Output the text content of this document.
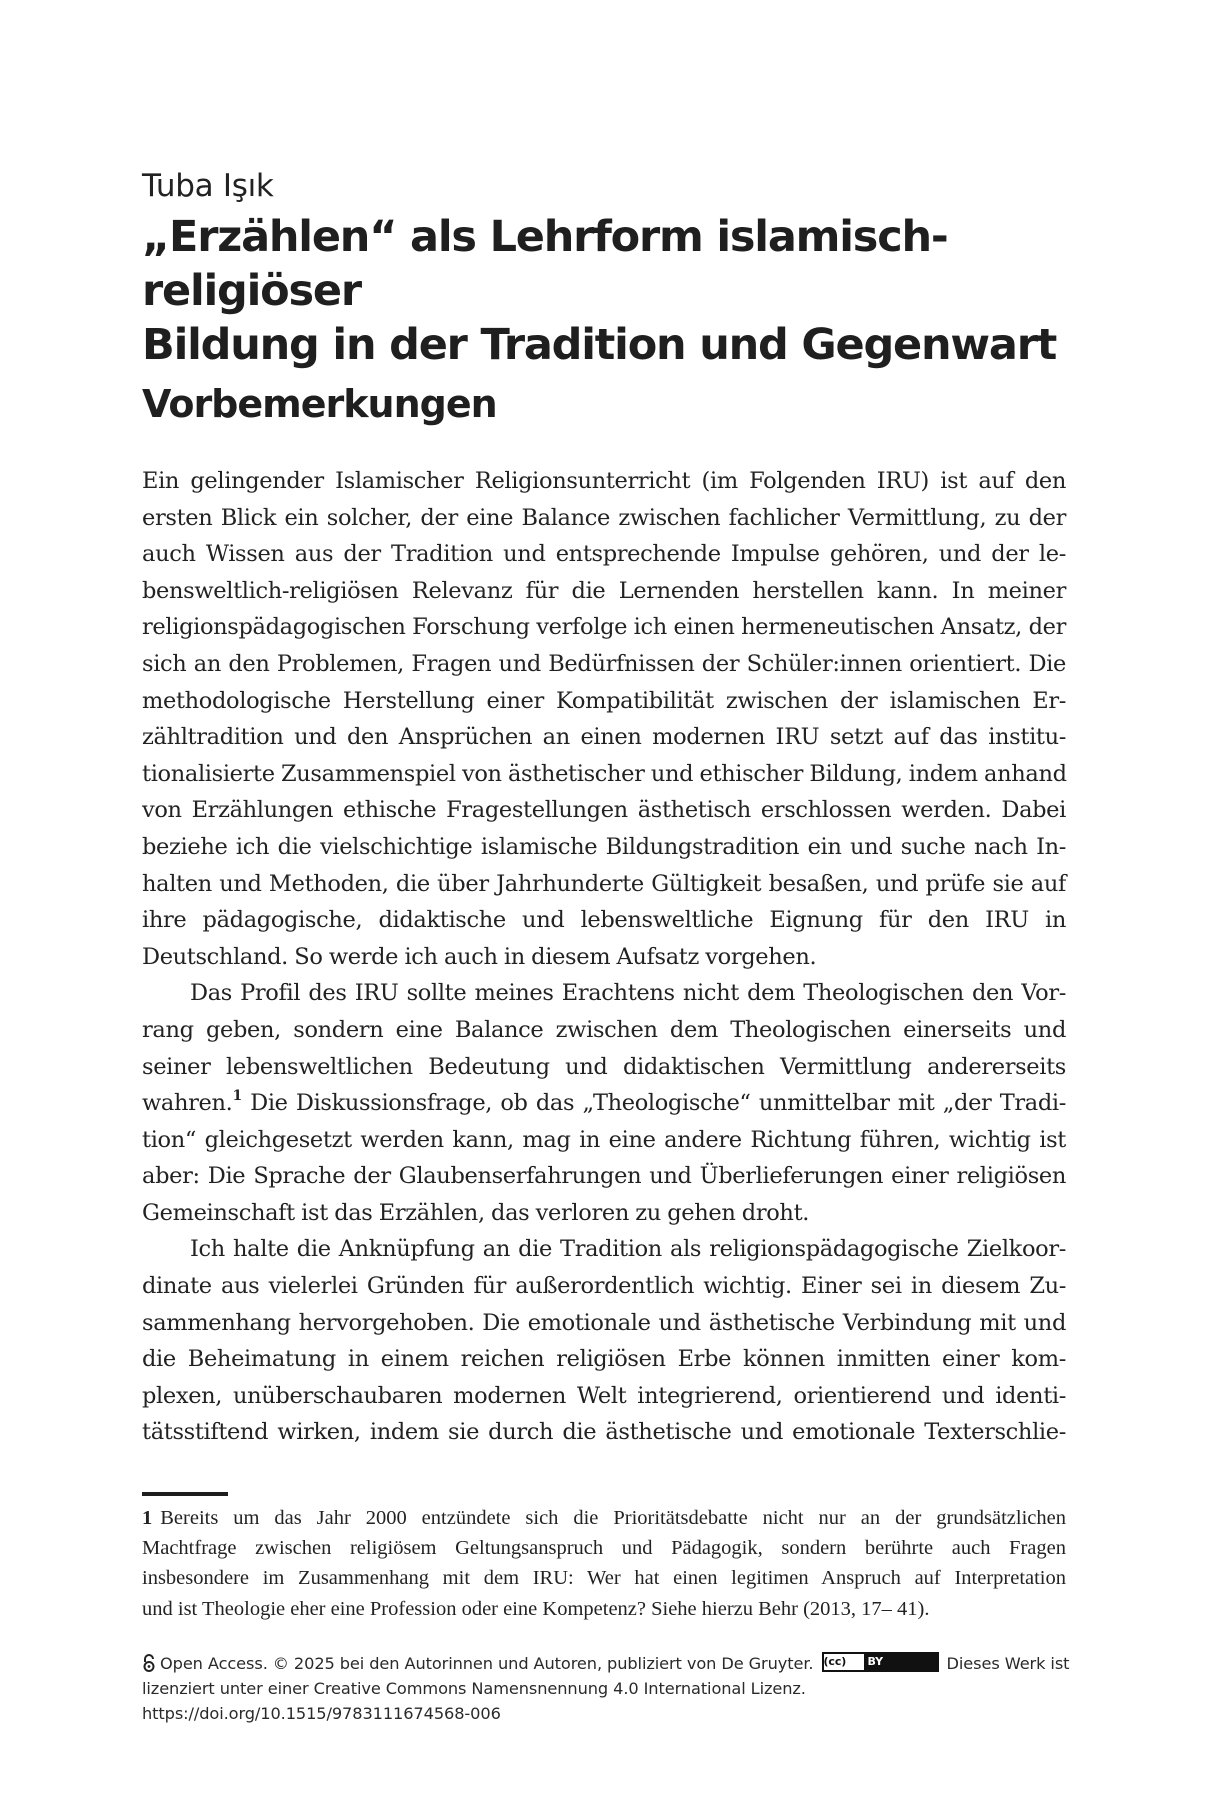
Tuba Işık
„Erzählen“ als Lehrform islamisch-religiöser
Bildung in der Tradition und Gegenwart
Vorbemerkungen
Ein gelingender Islamischer Religionsunterricht (im Folgenden IRU) ist auf den
ersten Blick ein solcher, der eine Balance zwischen fachlicher Vermittlung, zu der
auch Wissen aus der Tradition und entsprechende Impulse gehören, und der le-
bensweltlich-religiösen Relevanz für die Lernenden herstellen kann. In meiner
religionspädagogischen Forschung verfolge ich einen hermeneutischen Ansatz, der
sich an den Problemen, Fragen und Bedürfnissen der Schüler:innen orientiert. Die
methodologische Herstellung einer Kompatibilität zwischen der islamischen Er-
zähltradition und den Ansprüchen an einen modernen IRU setzt auf das institu-
tionalisierte Zusammenspiel von ästhetischer und ethischer Bildung, indem anhand
von Erzählungen ethische Fragestellungen ästhetisch erschlossen werden. Dabei
beziehe ich die vielschichtige islamische Bildungstradition ein und suche nach In-
halten und Methoden, die über Jahrhunderte Gültigkeit besaßen, und prüfe sie auf
ihre pädagogische, didaktische und lebensweltliche Eignung für den IRU in
Deutschland. So werde ich auch in diesem Aufsatz vorgehen.
Das Profil des IRU sollte meines Erachtens nicht dem Theologischen den Vor-
rang geben, sondern eine Balance zwischen dem Theologischen einerseits und
seiner lebensweltlichen Bedeutung und didaktischen Vermittlung andererseits
wahren.$^1$ Die Diskussionsfrage, ob das „Theologische“ unmittelbar mit „der Tradi-
tion“ gleichgesetzt werden kann, mag in eine andere Richtung führen, wichtig ist
aber: Die Sprache der Glaubenserfahrungen und Überlieferungen einer religiösen
Gemeinschaft ist das Erzählen, das verloren zu gehen droht.
Ich halte die Anknüpfung an die Tradition als religionspädagogische Zielkoor-
dinate aus vielerlei Gründen für außerordentlich wichtig. Einer sei in diesem Zu-
sammenhang hervorgehoben. Die emotionale und ästhetische Verbindung mit und
die Beheimatung in einem reichen religiösen Erbe können inmitten einer kom-
plexen, unüberschaubaren modernen Welt integrierend, orientierend und identi-
tätsstiftend wirken, indem sie durch die ästhetische und emotionale Texterschlie-
1 Bereits um das Jahr 2000 entzündete sich die Prioritätsdebatte nicht nur an der grundsätzlichen
Machtfrage zwischen religiösem Geltungsanspruch und Pädagogik, sondern berührte auch Fragen
insbesondere im Zusammenhang mit dem IRU: Wer hat einen legitimen Anspruch auf Interpretation
und ist Theologie eher eine Profession oder eine Kompetenz? Siehe hierzu Behr (2013, 17– 41).
Open Access. © 2025 bei den Autorinnen und Autoren, publiziert von De Gruyter. (cc)	BY	Dieses Werk ist
lizenziert unter einer Creative Commons Namensnennung 4.0 International Lizenz.
https://doi.org/10.1515/9783111674568-006
